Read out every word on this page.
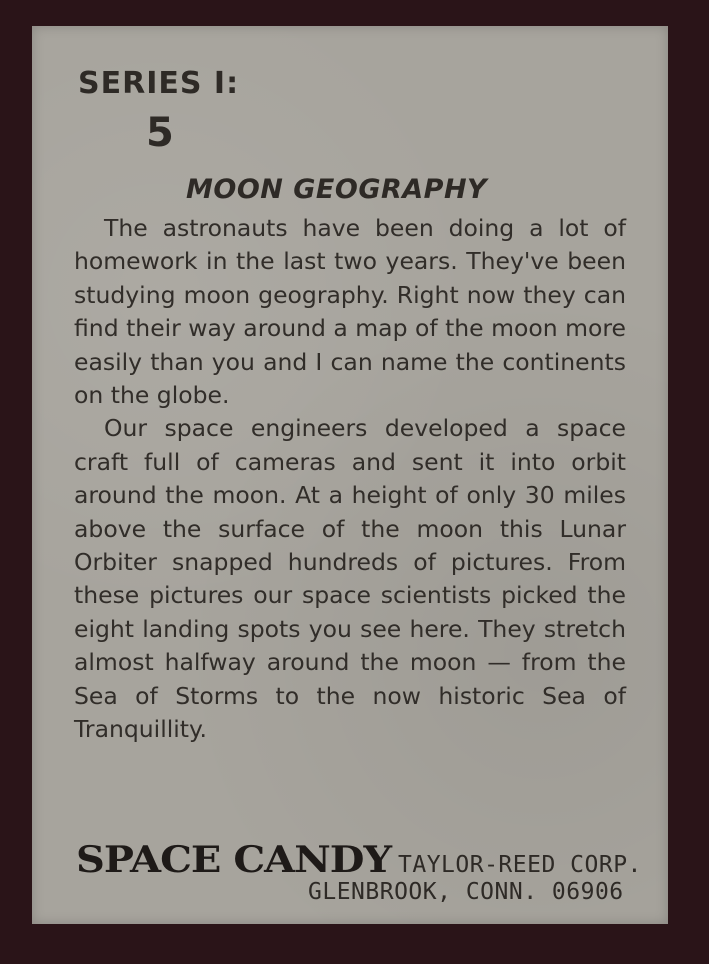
SERIES I:
5
MOON GEOGRAPHY

The astronauts have been doing a lot of homework in the last two years. They've been studying moon geography. Right now they can find their way around a map of the moon more easily than you and I can name the continents on the globe.

Our space engineers developed a space craft full of cameras and sent it into orbit around the moon. At a height of only 30 miles above the surface of the moon this Lunar Orbiter snapped hundreds of pictures. From these pictures our space scientists picked the eight landing spots you see here. They stretch almost halfway around the moon — from the Sea of Storms to the now historic Sea of Tranquillity.

SPACE CANDY TAYLOR-REED CORP.
GLENBROOK, CONN. 06906
